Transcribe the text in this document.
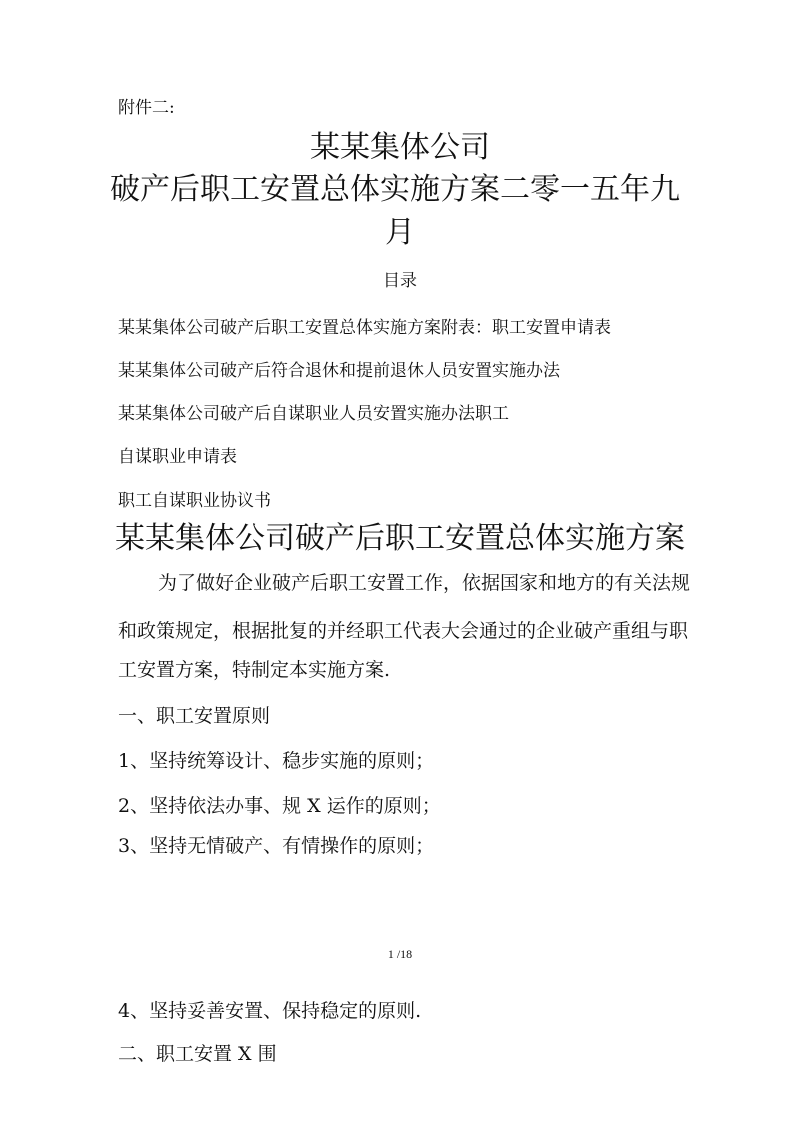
附件二:
某某集体公司
破产后职工安置总体实施方案二零一五年九
月
目录
某某集体公司破产后职工安置总体实施方案附表：职工安置申请表
某某集体公司破产后符合退休和提前退休人员安置实施办法
某某集体公司破产后自谋职业人员安置实施办法职工
自谋职业申请表
职工自谋职业协议书
某某集体公司破产后职工安置总体实施方案
为了做好企业破产后职工安置工作，依据国家和地方的有关法规
和政策规定，根据批复的并经职工代表大会通过的企业破产重组与职
工安置方案，特制定本实施方案.
一、职工安置原则
1、坚持统筹设计、稳步实施的原则；
2、坚持依法办事、规 X 运作的原则；
3、坚持无情破产、有情操作的原则；
1 /18
4、坚持妥善安置、保持稳定的原则.
二、职工安置 X 围
